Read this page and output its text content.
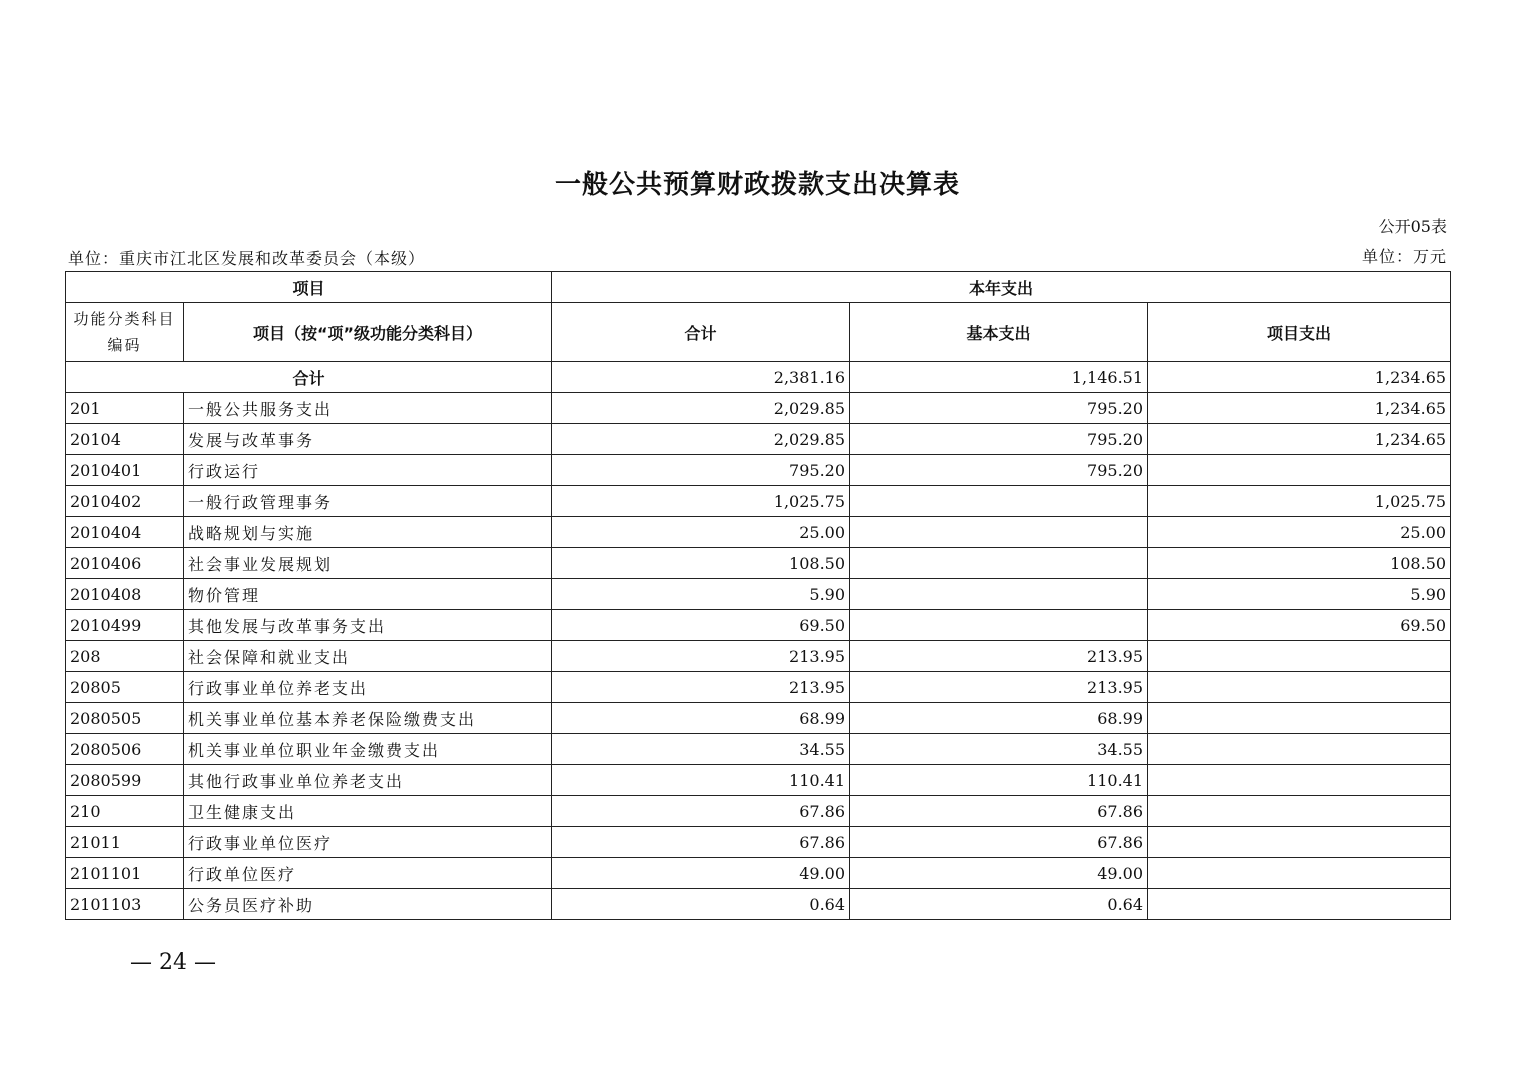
一般公共预算财政拨款支出决算表
公开05表
单位：重庆市江北区发展和改革委员会（本级）	单位：万元
项目		本年支出		
功能分类科目编码	项目（按“项”级功能分类科目）	合计	基本支出	项目支出
合计		2,381.16	1,146.51	1,234.65
201	一般公共服务支出	2,029.85	795.20	1,234.65
20104	发展与改革事务	2,029.85	795.20	1,234.65
2010401	行政运行	795.20	795.20	
2010402	一般行政管理事务	1,025.75		1,025.75
2010404	战略规划与实施	25.00		25.00
2010406	社会事业发展规划	108.50		108.50
2010408	物价管理	5.90		5.90
2010499	其他发展与改革事务支出	69.50		69.50
208	社会保障和就业支出	213.95	213.95	
20805	行政事业单位养老支出	213.95	213.95	
2080505	机关事业单位基本养老保险缴费支出	68.99	68.99	
2080506	机关事业单位职业年金缴费支出	34.55	34.55	
2080599	其他行政事业单位养老支出	110.41	110.41	
210	卫生健康支出	67.86	67.86	
21011	行政事业单位医疗	67.86	67.86	
2101101	行政单位医疗	49.00	49.00	
2101103	公务员医疗补助	0.64	0.64	
— 24 —
